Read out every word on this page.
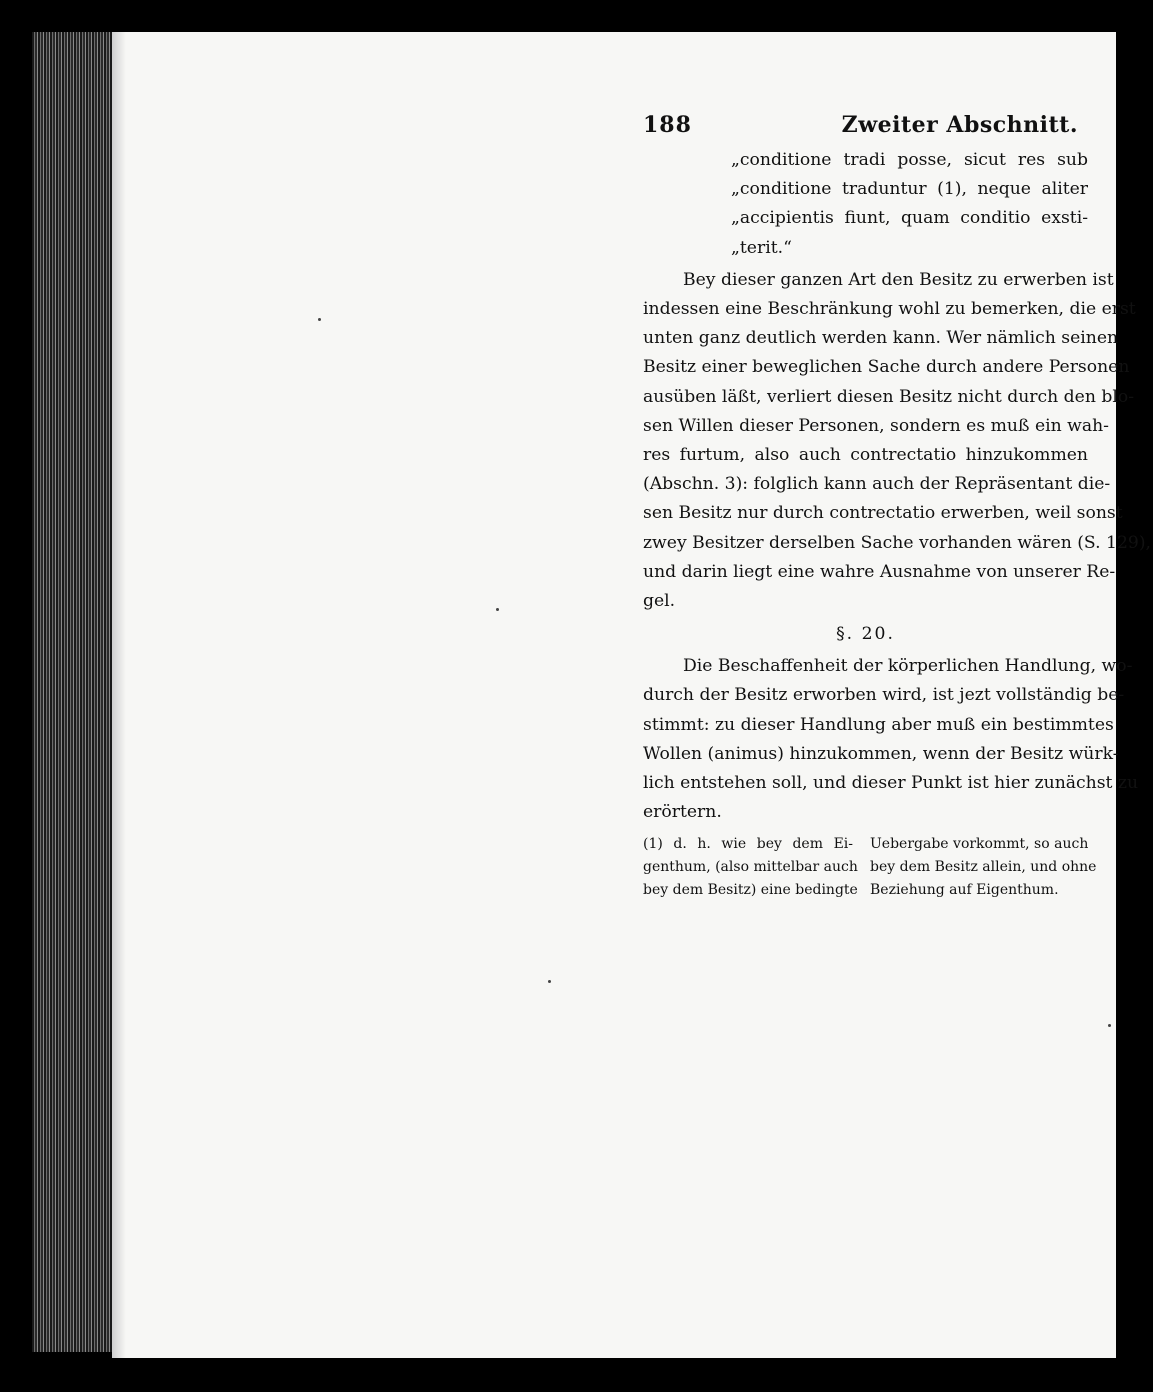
188	Zweiter Abschnitt.
„conditione tradi posse, sicut res sub
„conditione traduntur (1), neque aliter
„accipientis fiunt, quam conditio exsti-
„terit.“
Bey dieser ganzen Art den Besitz zu erwerben ist
indessen eine Beschränkung wohl zu bemerken, die erst
unten ganz deutlich werden kann. Wer nämlich seinen
Besitz einer beweglichen Sache durch andere Personen
ausüben läßt, verliert diesen Besitz nicht durch den blo-
sen Willen dieser Personen, sondern es muß ein wah-
res furtum, also auch contrectatio hinzukommen
(Abschn. 3): folglich kann auch der Repräsentant die-
sen Besitz nur durch contrectatio erwerben, weil sonst
zwey Besitzer derselben Sache vorhanden wären (S. 129),
und darin liegt eine wahre Ausnahme von unserer Re-
gel.
§. 20.
Die Beschaffenheit der körperlichen Handlung, wo-
durch der Besitz erworben wird, ist jezt vollständig be-
stimmt: zu dieser Handlung aber muß ein bestimmtes
Wollen (animus) hinzukommen, wenn der Besitz würk-
lich entstehen soll, und dieser Punkt ist hier zunächst zu
erörtern.
(1) d. h. wie bey dem Ei-
genthum, (also mittelbar auch
bey dem Besitz) eine bedingte
Uebergabe vorkommt, so auch
bey dem Besitz allein, und ohne
Beziehung auf Eigenthum.
